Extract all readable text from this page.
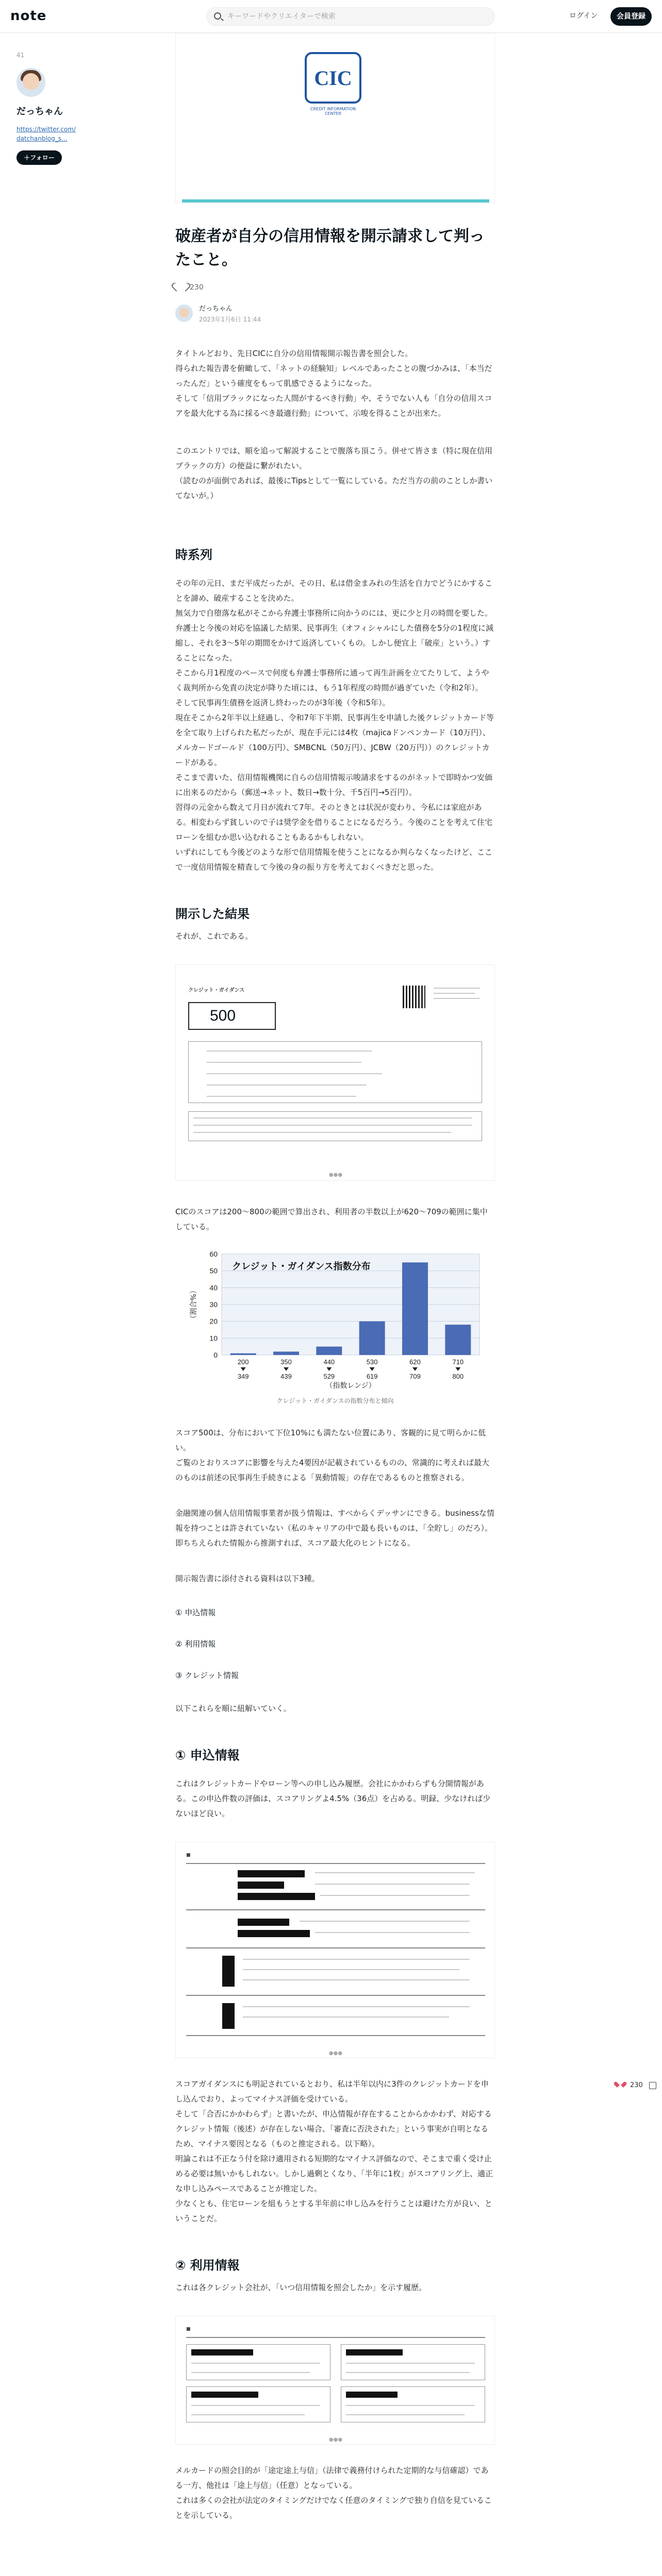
note
キーワードやクリエイターで検索	ログイン	会員登録
41
だっちゃん
https://twitter.com/datchanblog_s...
＋フォロー
CIC
CREDIT INFORMATION CENTER
破産者が自分の信用情報を開示請求して判ったこと。
230
だっちゃん
2023年1月6日 11:44
タイトルどおり、先日CICに自分の信用情報開示報告書を照会した。
得られた報告書を俯瞰して、「ネットの経験知」レベルであったことの腹づかみは、「本当だったんだ」という確度をもって肌感でさるようになった。
そして「信用ブラックになった人間がするべき行動」や、そうでない人も「自分の信用スコアを最大化する為に採るべき最適行動」について、示唆を得ることが出来た。
このエントリでは、順を追って解説することで腹落ち頂こう。併せて皆さま（特に現在信用ブラックの方）の便益に繋がれたい。
（読むのが面倒であれば、最後にTipsとして一覧にしている。ただ当方の前のことしか書いてないが。）
時系列
その年の元日、まだ平成だったが、その日、私は借金まみれの生活を自力でどうにかすることを諦め、破産することを決めた。
無気力で自堕落な私がそこから弁護士事務所に向かうのには、更に少と月の時間を要した。
弁護士と今後の対応を協議した結果、民事再生（オフィシャルにした債務を5分の1程度に減縮し、それを3〜5年の期間をかけて返済していくもの。しかし便宜上「破産」という。）することになった。
そこから月1程度のペースで何度も弁護士事務所に通って再生計画を立てたりして、ようやく裁判所から免責の決定が降りた頃には、もう1年程度の時間が過ぎていた（令和2年）。
そして民事再生債務を返済し終わったのが3年後（令和5年）。
現在そこから2年半以上経過し、令和7年下半期、民事再生を申請した後クレジットカード等を全て取り上げられた私だったが、現在手元には4枚（majicaドンペンカード（10万円）、メルカードゴールド（100万円）、SMBCNL（50万円）、JCBW（20万円））のクレジットカードがある。
そこまで書いた、信用情報機関に自らの信用情報示唆請求をするのがネットで即時かつ安価に出来るのだから（郵送→ネット、数日→数十分、千5百円→5百円）。
習得の元金から数えて月日が流れて7年。そのときとは状況が変わり、今私には家庭がある。相変わらず貧しいので子は奨学金を借りることになるだろう。今後のことを考えて住宅ローンを組むか思い込むれることもあるかもしれない。
いずれにしても今後どのような形で信用情報を使うことになるか判らなくなったけど、ここで一度信用情報を精査して今後の身の振り方を考えておくべきだと思った。
開示した結果
それが、これである。
クレジット・ガイダンス
500
●●●
CICのスコアは200〜800の範囲で算出され、利用者の半数以上が620〜709の範囲に集中している。
0
10
20
30
40
50
60
200
349
350
439
440
529
530
619
620
709
710
800
クレジット・ガイダンス指数分布
（割合%）
（指数レンジ）
クレジット・ガイダンスの指数分布と傾向
スコア500は、分布において下位10%にも満たない位置にあり、客観的に見て明らかに低い。
ご覧のとおりスコアに影響を与えた4要因が記載されているものの、常識的に考えれば最大のものは前述の民事再生手続きによる「異動情報」の存在であるものと推察される。
金融関連の個人信用情報事業者が扱う情報は、すべからくデッサンにできる。businessな情報を持つことは許されていない（私のキャリアの中で最も長いものは、「全貯し」のだろ）。
即ちちえられた情報から推測すれば、スコア最大化のヒントになる。
開示報告書に添付される資料は以下3種。
① 申込情報
② 利用情報
③ クレジット情報
以下これらを順に紐解いていく。
① 申込情報
これはクレジットカードやローン等への申し込み履歴。会社にかかわらずも分開情報がある。この申込件数の評価は、スコアリングよ4.5%（36点）を占める。明録、少なければ少ないほど良い。
■
●●●
スコアガイダンスにも明記されているとおり、私は半年以内に3件のクレジットカードを申し込んでおり、よってマイナス評価を受けている。
そして「合否にかかわらず」と書いたが、申込情報が存在することからかかわず、対応するクレジット情報（後述）が存在しない場合、「審査に否決された」という事実が自明となるため、マイナス要因となる（ものと推定される。以下略）。
明論これは不正なう付を除け適用される短期的なマイナス評価なので、そこまで重く受け止める必要は無いかもしれない。しかし過剰とくなり、「半年に1枚」がスコアリング上、適正な申し込みペースであることが推定した。
少なくとも、住宅ローンを組もうとする半年前に申し込みを行うことは避けた方が良い、ということだ。
② 利用情報
これは各クレジット会社が、「いつ信用情報を照会したか」を示す履歴。
■
●●●
メルカードの照会目的が「途定途上与信」（法律で義務付けられた定期的な与信確認）である一方、他社は「途上与信」（任意）となっている。
これは多くの会社が法定のタイミングだけでなく任意のタイミングで独り自信を見ていることを示している。
230
